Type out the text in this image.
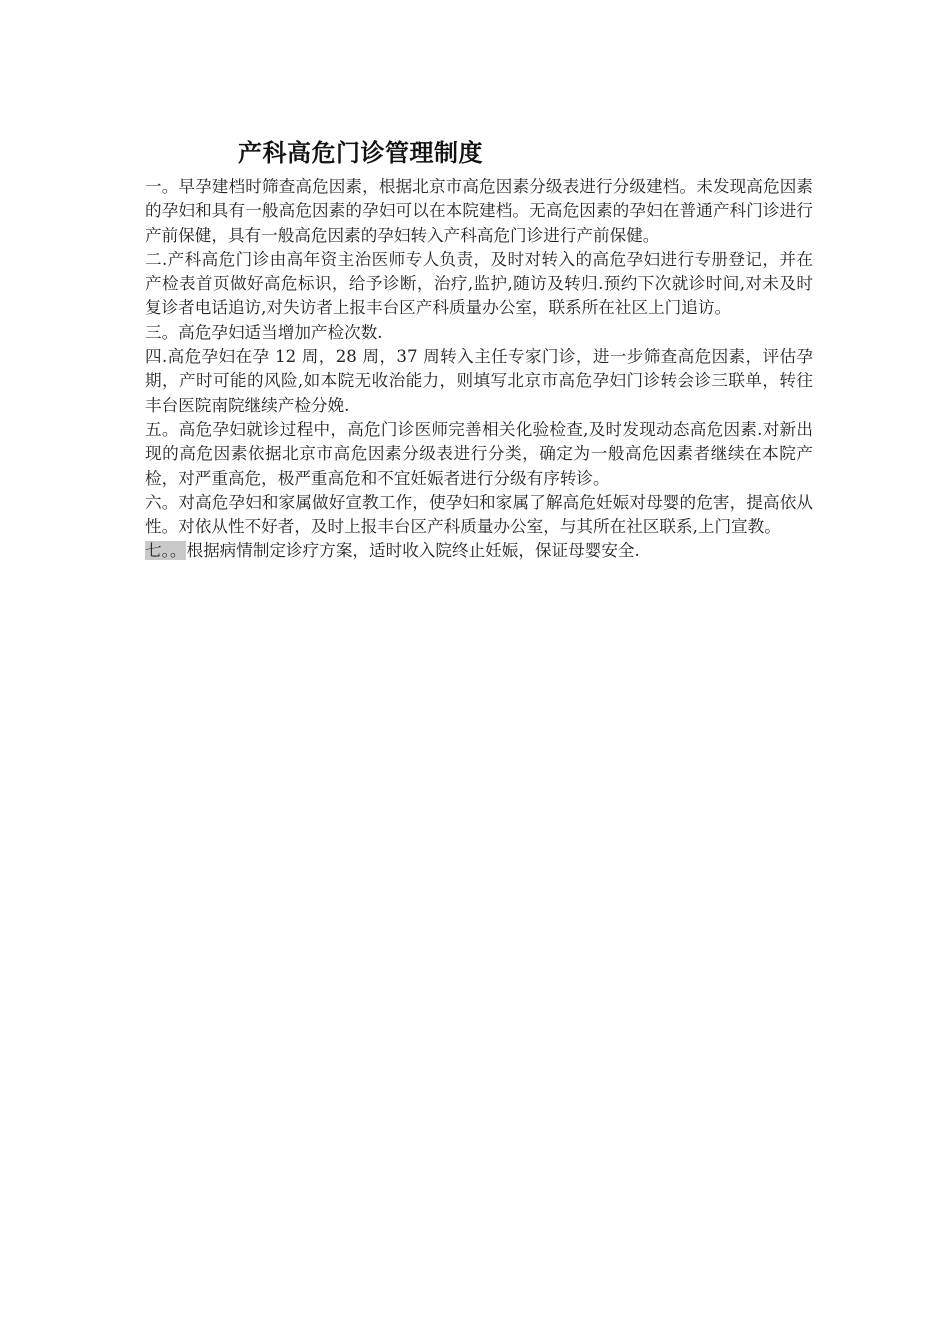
产科高危门诊管理制度

一。早孕建档时筛查高危因素，根据北京市高危因素分级表进行分级建档。未发现高危因素的孕妇和具有一般高危因素的孕妇可以在本院建档。无高危因素的孕妇在普通产科门诊进行产前保健，具有一般高危因素的孕妇转入产科高危门诊进行产前保健。

二.产科高危门诊由高年资主治医师专人负责，及时对转入的高危孕妇进行专册登记，并在产检表首页做好高危标识，给予诊断，治疗,监护,随访及转归.预约下次就诊时间,对未及时复诊者电话追访,对失访者上报丰台区产科质量办公室，联系所在社区上门追访。

三。高危孕妇适当增加产检次数.

四.高危孕妇在孕 12 周，28 周，37 周转入主任专家门诊，进一步筛查高危因素，评估孕期，产时可能的风险,如本院无收治能力，则填写北京市高危孕妇门诊转会诊三联单，转往丰台医院南院继续产检分娩.

五。高危孕妇就诊过程中，高危门诊医师完善相关化验检查,及时发现动态高危因素.对新出现的高危因素依据北京市高危因素分级表进行分类，确定为一般高危因素者继续在本院产检，对严重高危，极严重高危和不宜妊娠者进行分级有序转诊。

六。对高危孕妇和家属做好宣教工作，使孕妇和家属了解高危妊娠对母婴的危害，提高依从性。对依从性不好者，及时上报丰台区产科质量办公室，与其所在社区联系,上门宣教。

七。。根据病情制定诊疗方案，适时收入院终止妊娠，保证母婴安全.
